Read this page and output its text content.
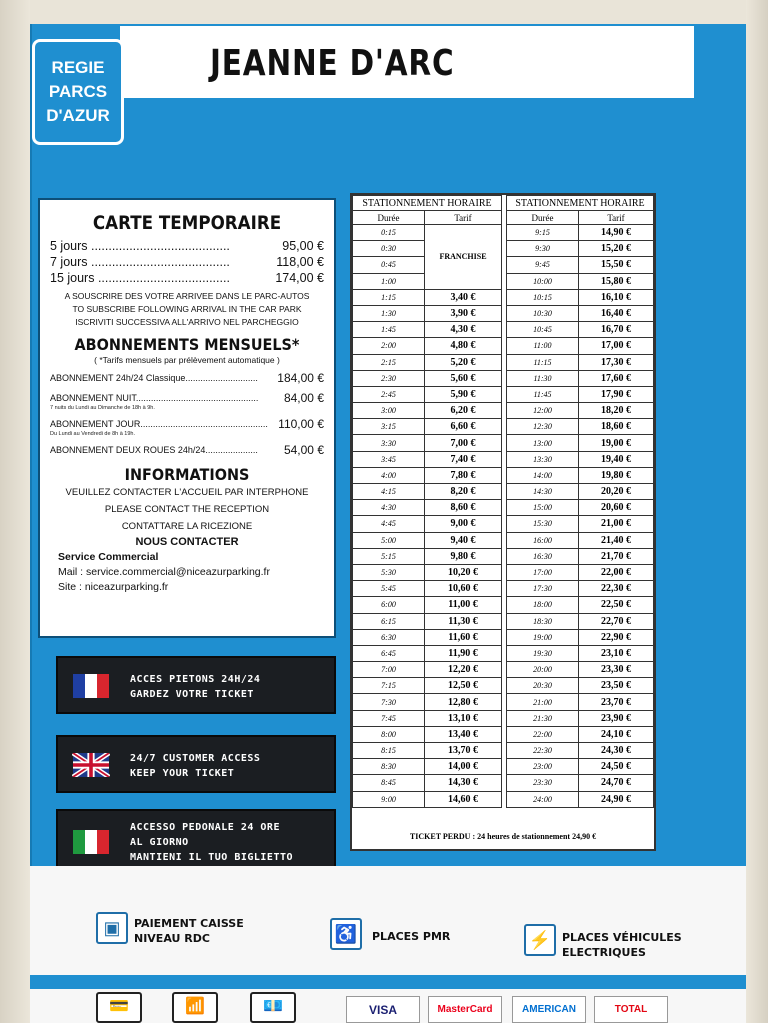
JEANNE D'ARC
REGIE
PARCS
D'AZUR
CARTE TEMPORAIRE
5 jours ........................................	95,00 €
7 jours ........................................	118,00 €
15 jours ......................................	174,00 €
A SOUSCRIRE DES VOTRE ARRIVEE DANS LE PARC-AUTOS
TO SUBSCRIBE FOLLOWING ARRIVAL IN THE CAR PARK
ISCRIVITI SUCCESSIVA ALL'ARRIVO NEL PARCHEGGIO
ABONNEMENTS MENSUELS*
( *Tarifs mensuels par prélèvement automatique )
ABONNEMENT 24h/24 Classique.............................	184,00 €
ABONNEMENT NUIT.................................................	84,00 €
7 nuits du Lundi au Dimanche de 18h à 9h.
ABONNEMENT JOUR................................................... 110,00 €
Du Lundi au Vendredi de 8h à 19h.
ABONNEMENT DEUX ROUES 24h/24.....................	54,00 €
INFORMATIONS
VEUILLEZ CONTACTER L'ACCUEIL PAR INTERPHONE
PLEASE CONTACT THE RECEPTION
CONTATTARE LA RICEZIONE
NOUS CONTACTER
Service Commercial
Mail : service.commercial@niceazurparking.fr
Site : niceazurparking.fr
ACCES PIETONS 24H/24
GARDEZ VOTRE TICKET
24/7 CUSTOMER ACCESS
KEEP YOUR TICKET
ACCESSO PEDONALE 24 ORE
AL GIORNO
MANTIENI IL TUO BIGLIETTO
STATIONNEMENT HORAIRE	
Durée	Tarif
0:15	FRANCHISE
0:30	
0:45	
1:00	
1:15	3,40 €
1:30	3,90 €
1:45	4,30 €
2:00	4,80 €
2:15	5,20 €
2:30	5,60 €
2:45	5,90 €
3:00	6,20 €
3:15	6,60 €
3:30	7,00 €
3:45	7,40 €
4:00	7,80 €
4:15	8,20 €
4:30	8,60 €
4:45	9,00 €
5:00	9,40 €
5:15	9,80 €
5:30	10,20 €
5:45	10,60 €
6:00	11,00 €
6:15	11,30 €
6:30	11,60 €
6:45	11,90 €
7:00	12,20 €
7:15	12,50 €
7:30	12,80 €
7:45	13,10 €
8:00	13,40 €
8:15	13,70 €
8:30	14,00 €
8:45	14,30 €
9:00	14,60 €
STATIONNEMENT HORAIRE	
Durée	Tarif
9:15	14,90 €
9:30	15,20 €
9:45	15,50 €
10:00	15,80 €
10:15	16,10 €
10:30	16,40 €
10:45	16,70 €
11:00	17,00 €
11:15	17,30 €
11:30	17,60 €
11:45	17,90 €
12:00	18,20 €
12:30	18,60 €
13:00	19,00 €
13:30	19,40 €
14:00	19,80 €
14:30	20,20 €
15:00	20,60 €
15:30	21,00 €
16:00	21,40 €
16:30	21,70 €
17:00	22,00 €
17:30	22,30 €
18:00	22,50 €
18:30	22,70 €
19:00	22,90 €
19:30	23,10 €
20:00	23,30 €
20:30	23,50 €
21:00	23,70 €
21:30	23,90 €
22:00	24,10 €
22:30	24,30 €
23:00	24,50 €
23:30	24,70 €
24:00	24,90 €
TICKET PERDU : 24 heures de stationnement 24,90 €
▣	PAIEMENT CAISSE
NIVEAU RDC	♿	PLACES PMR	⚡ PLACES VÉHICULES
ELECTRIQUES
💳	📶	💶	VISA	MasterCard	AMERICAN	TOTAL
